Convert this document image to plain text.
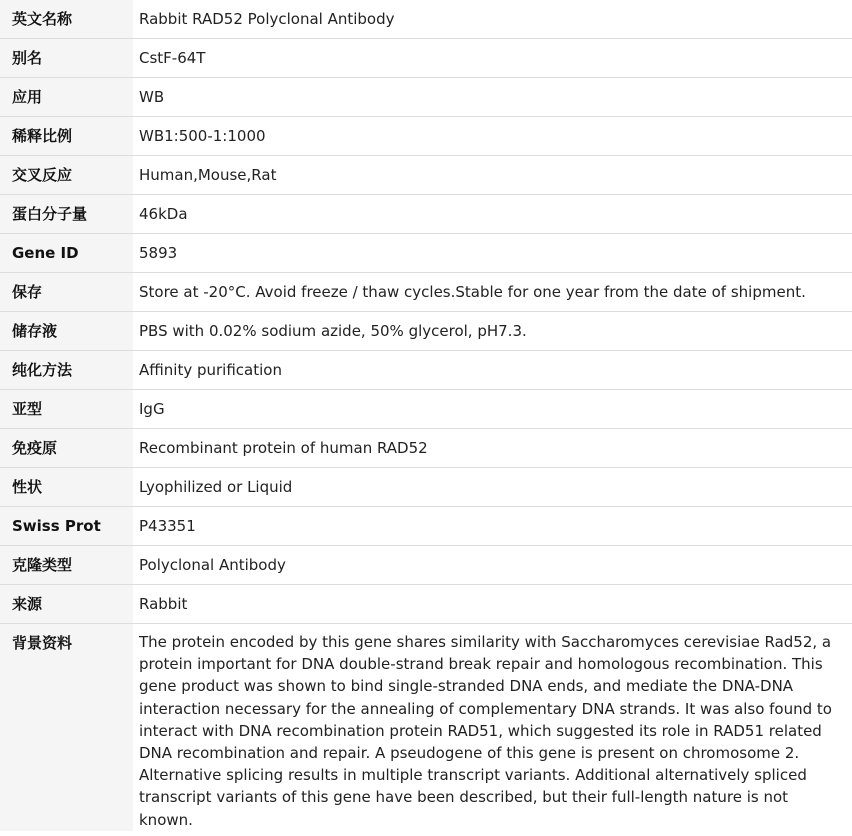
英文名称	Rabbit RAD52 Polyclonal Antibody
别名	CstF-64T
应用	WB
稀释比例	WB1:500-1:1000
交叉反应	Human,Mouse,Rat
蛋白分子量	46kDa
Gene ID	5893
保存	Store at -20°C. Avoid freeze / thaw cycles.Stable for one year from the date of shipment.
储存液	PBS with 0.02% sodium azide, 50% glycerol, pH7.3.
纯化方法	Affinity purification
亚型	IgG
免疫原	Recombinant protein of human RAD52
性状	Lyophilized or Liquid
Swiss Prot	P43351
克隆类型	Polyclonal Antibody
来源	Rabbit
背景资料	The protein encoded by this gene shares similarity with Saccharomyces cerevisiae Rad52, a protein important for DNA double-strand break repair and homologous recombination. This gene product was shown to bind single-stranded DNA ends, and mediate the DNA-DNA interaction necessary for the annealing of complementary DNA strands. It was also found to interact with DNA recombination protein RAD51, which suggested its role in RAD51 related DNA recombination and repair. A pseudogene of this gene is present on chromosome 2. Alternative splicing results in multiple transcript variants. Additional alternatively spliced transcript variants of this gene have been described, but their full-length nature is not known.
